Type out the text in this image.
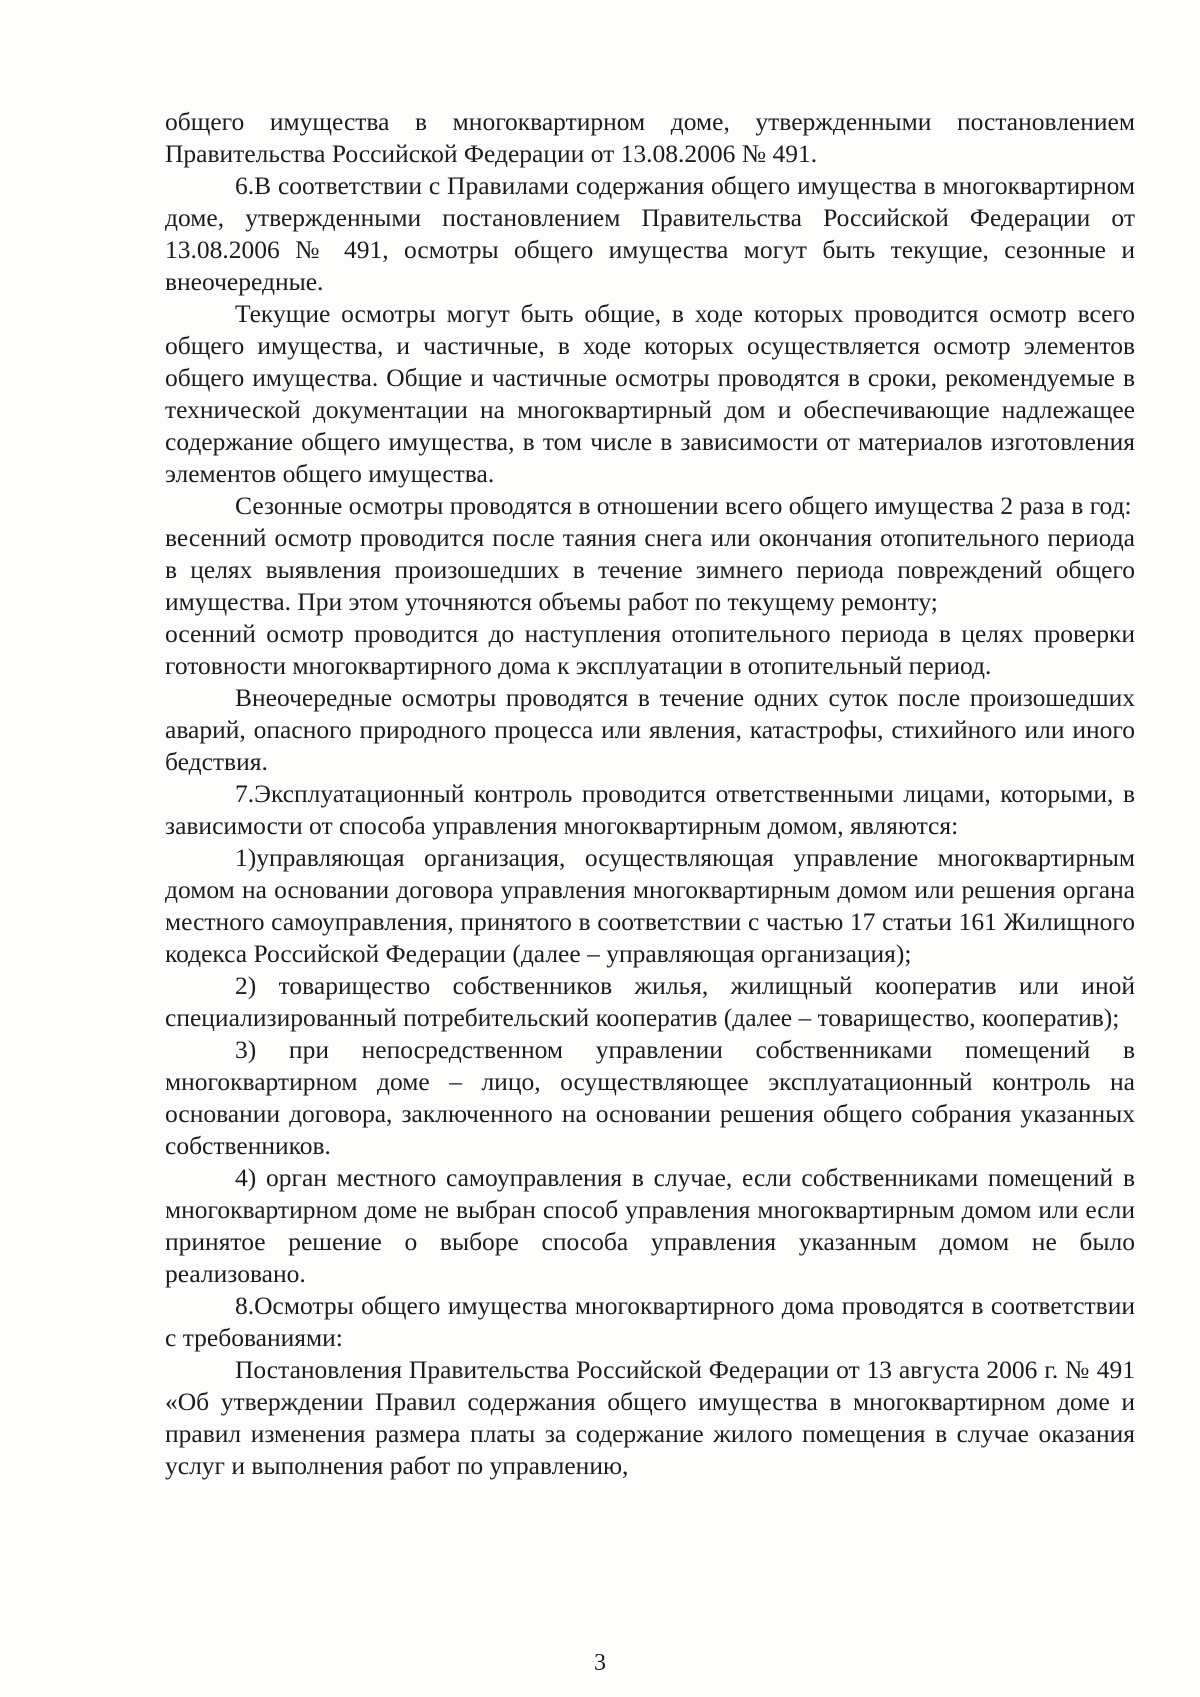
общего имущества в многоквартирном доме, утвержденными постановлением Правительства Российской Федерации от 13.08.2006 № 491.

6.В соответствии с Правилами содержания общего имущества в многоквартирном доме, утвержденными постановлением Правительства Российской Федерации от 13.08.2006 № 491, осмотры общего имущества могут быть текущие, сезонные и внеочередные.

Текущие осмотры могут быть общие, в ходе которых проводится осмотр всего общего имущества, и частичные, в ходе которых осуществляется осмотр элементов общего имущества. Общие и частичные осмотры проводятся в сроки, рекомендуемые в технической документации на многоквартирный дом и обеспечивающие надлежащее содержание общего имущества, в том числе в зависимости от материалов изготовления элементов общего имущества.

Сезонные осмотры проводятся в отношении всего общего имущества 2 раза в год:

весенний осмотр проводится после таяния снега или окончания отопительного периода в целях выявления произошедших в течение зимнего периода повреждений общего имущества. При этом уточняются объемы работ по текущему ремонту;

осенний осмотр проводится до наступления отопительного периода в целях проверки готовности многоквартирного дома к эксплуатации в отопительный период.

Внеочередные осмотры проводятся в течение одних суток после произошедших аварий, опасного природного процесса или явления, катастрофы, стихийного или иного бедствия.

7.Эксплуатационный контроль проводится ответственными лицами, которыми, в зависимости от способа управления многоквартирным домом, являются:

1)управляющая организация, осуществляющая управление многоквартирным домом на основании договора управления многоквартирным домом или решения органа местного самоуправления, принятого в соответствии с частью 17 статьи 161 Жилищного кодекса Российской Федерации (далее – управляющая организация);

2) товарищество собственников жилья, жилищный кооператив или иной специализированный потребительский кооператив (далее – товарищество, кооператив);

3) при непосредственном управлении собственниками помещений в многоквартирном доме – лицо, осуществляющее эксплуатационный контроль на основании договора, заключенного на основании решения общего собрания указанных собственников.

4) орган местного самоуправления в случае, если собственниками помещений в многоквартирном доме не выбран способ управления многоквартирным домом или если принятое решение о выборе способа управления указанным домом не было реализовано.

8.Осмотры общего имущества многоквартирного дома проводятся в соответствии с требованиями:

Постановления Правительства Российской Федерации от 13 августа 2006 г. № 491 «Об утверждении Правил содержания общего имущества в многоквартирном доме и правил изменения размера платы за содержание жилого помещения в случае оказания услуг и выполнения работ по управлению,

3
